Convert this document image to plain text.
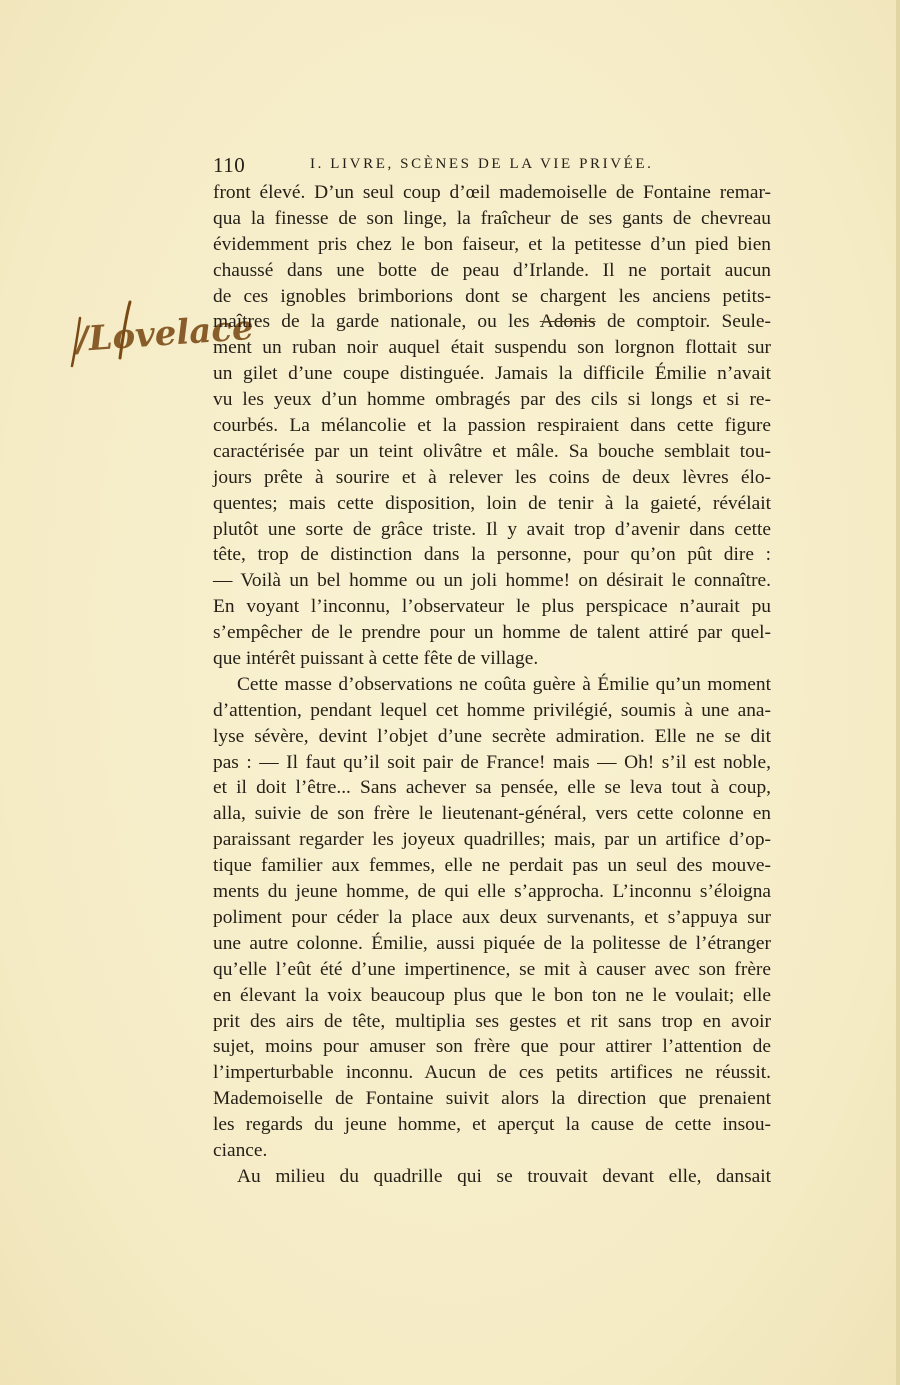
110	I. LIVRE, SCÈNES DE LA VIE PRIVÉE.
/Lovelace
front élevé. D’un seul coup d’œil mademoiselle de Fontaine remar-
qua la finesse de son linge, la fraîcheur de ses gants de chevreau
évidemment pris chez le bon faiseur, et la petitesse d’un pied bien
chaussé dans une botte de peau d’Irlande. Il ne portait aucun
de ces ignobles brimborions dont se chargent les anciens petits-
maîtres de la garde nationale, ou les Adonis de comptoir. Seule-
ment un ruban noir auquel était suspendu son lorgnon flottait sur
un gilet d’une coupe distinguée. Jamais la difficile Émilie n’avait
vu les yeux d’un homme ombragés par des cils si longs et si re-
courbés. La mélancolie et la passion respiraient dans cette figure
caractérisée par un teint olivâtre et mâle. Sa bouche semblait tou-
jours prête à sourire et à relever les coins de deux lèvres élo-
quentes; mais cette disposition, loin de tenir à la gaieté, révélait
plutôt une sorte de grâce triste. Il y avait trop d’avenir dans cette
tête, trop de distinction dans la personne, pour qu’on pût dire :
— Voilà un bel homme ou un joli homme! on désirait le connaître.
En voyant l’inconnu, l’observateur le plus perspicace n’aurait pu
s’empêcher de le prendre pour un homme de talent attiré par quel-
que intérêt puissant à cette fête de village.
Cette masse d’observations ne coûta guère à Émilie qu’un moment
d’attention, pendant lequel cet homme privilégié, soumis à une ana-
lyse sévère, devint l’objet d’une secrète admiration. Elle ne se dit
pas : — Il faut qu’il soit pair de France! mais — Oh! s’il est noble,
et il doit l’être... Sans achever sa pensée, elle se leva tout à coup,
alla, suivie de son frère le lieutenant-général, vers cette colonne en
paraissant regarder les joyeux quadrilles; mais, par un artifice d’op-
tique familier aux femmes, elle ne perdait pas un seul des mouve-
ments du jeune homme, de qui elle s’approcha. L’inconnu s’éloigna
poliment pour céder la place aux deux survenants, et s’appuya sur
une autre colonne. Émilie, aussi piquée de la politesse de l’étranger
qu’elle l’eût été d’une impertinence, se mit à causer avec son frère
en élevant la voix beaucoup plus que le bon ton ne le voulait; elle
prit des airs de tête, multiplia ses gestes et rit sans trop en avoir
sujet, moins pour amuser son frère que pour attirer l’attention de
l’imperturbable inconnu. Aucun de ces petits artifices ne réussit.
Mademoiselle de Fontaine suivit alors la direction que prenaient
les regards du jeune homme, et aperçut la cause de cette insou-
ciance.
Au milieu du quadrille qui se trouvait devant elle, dansait
